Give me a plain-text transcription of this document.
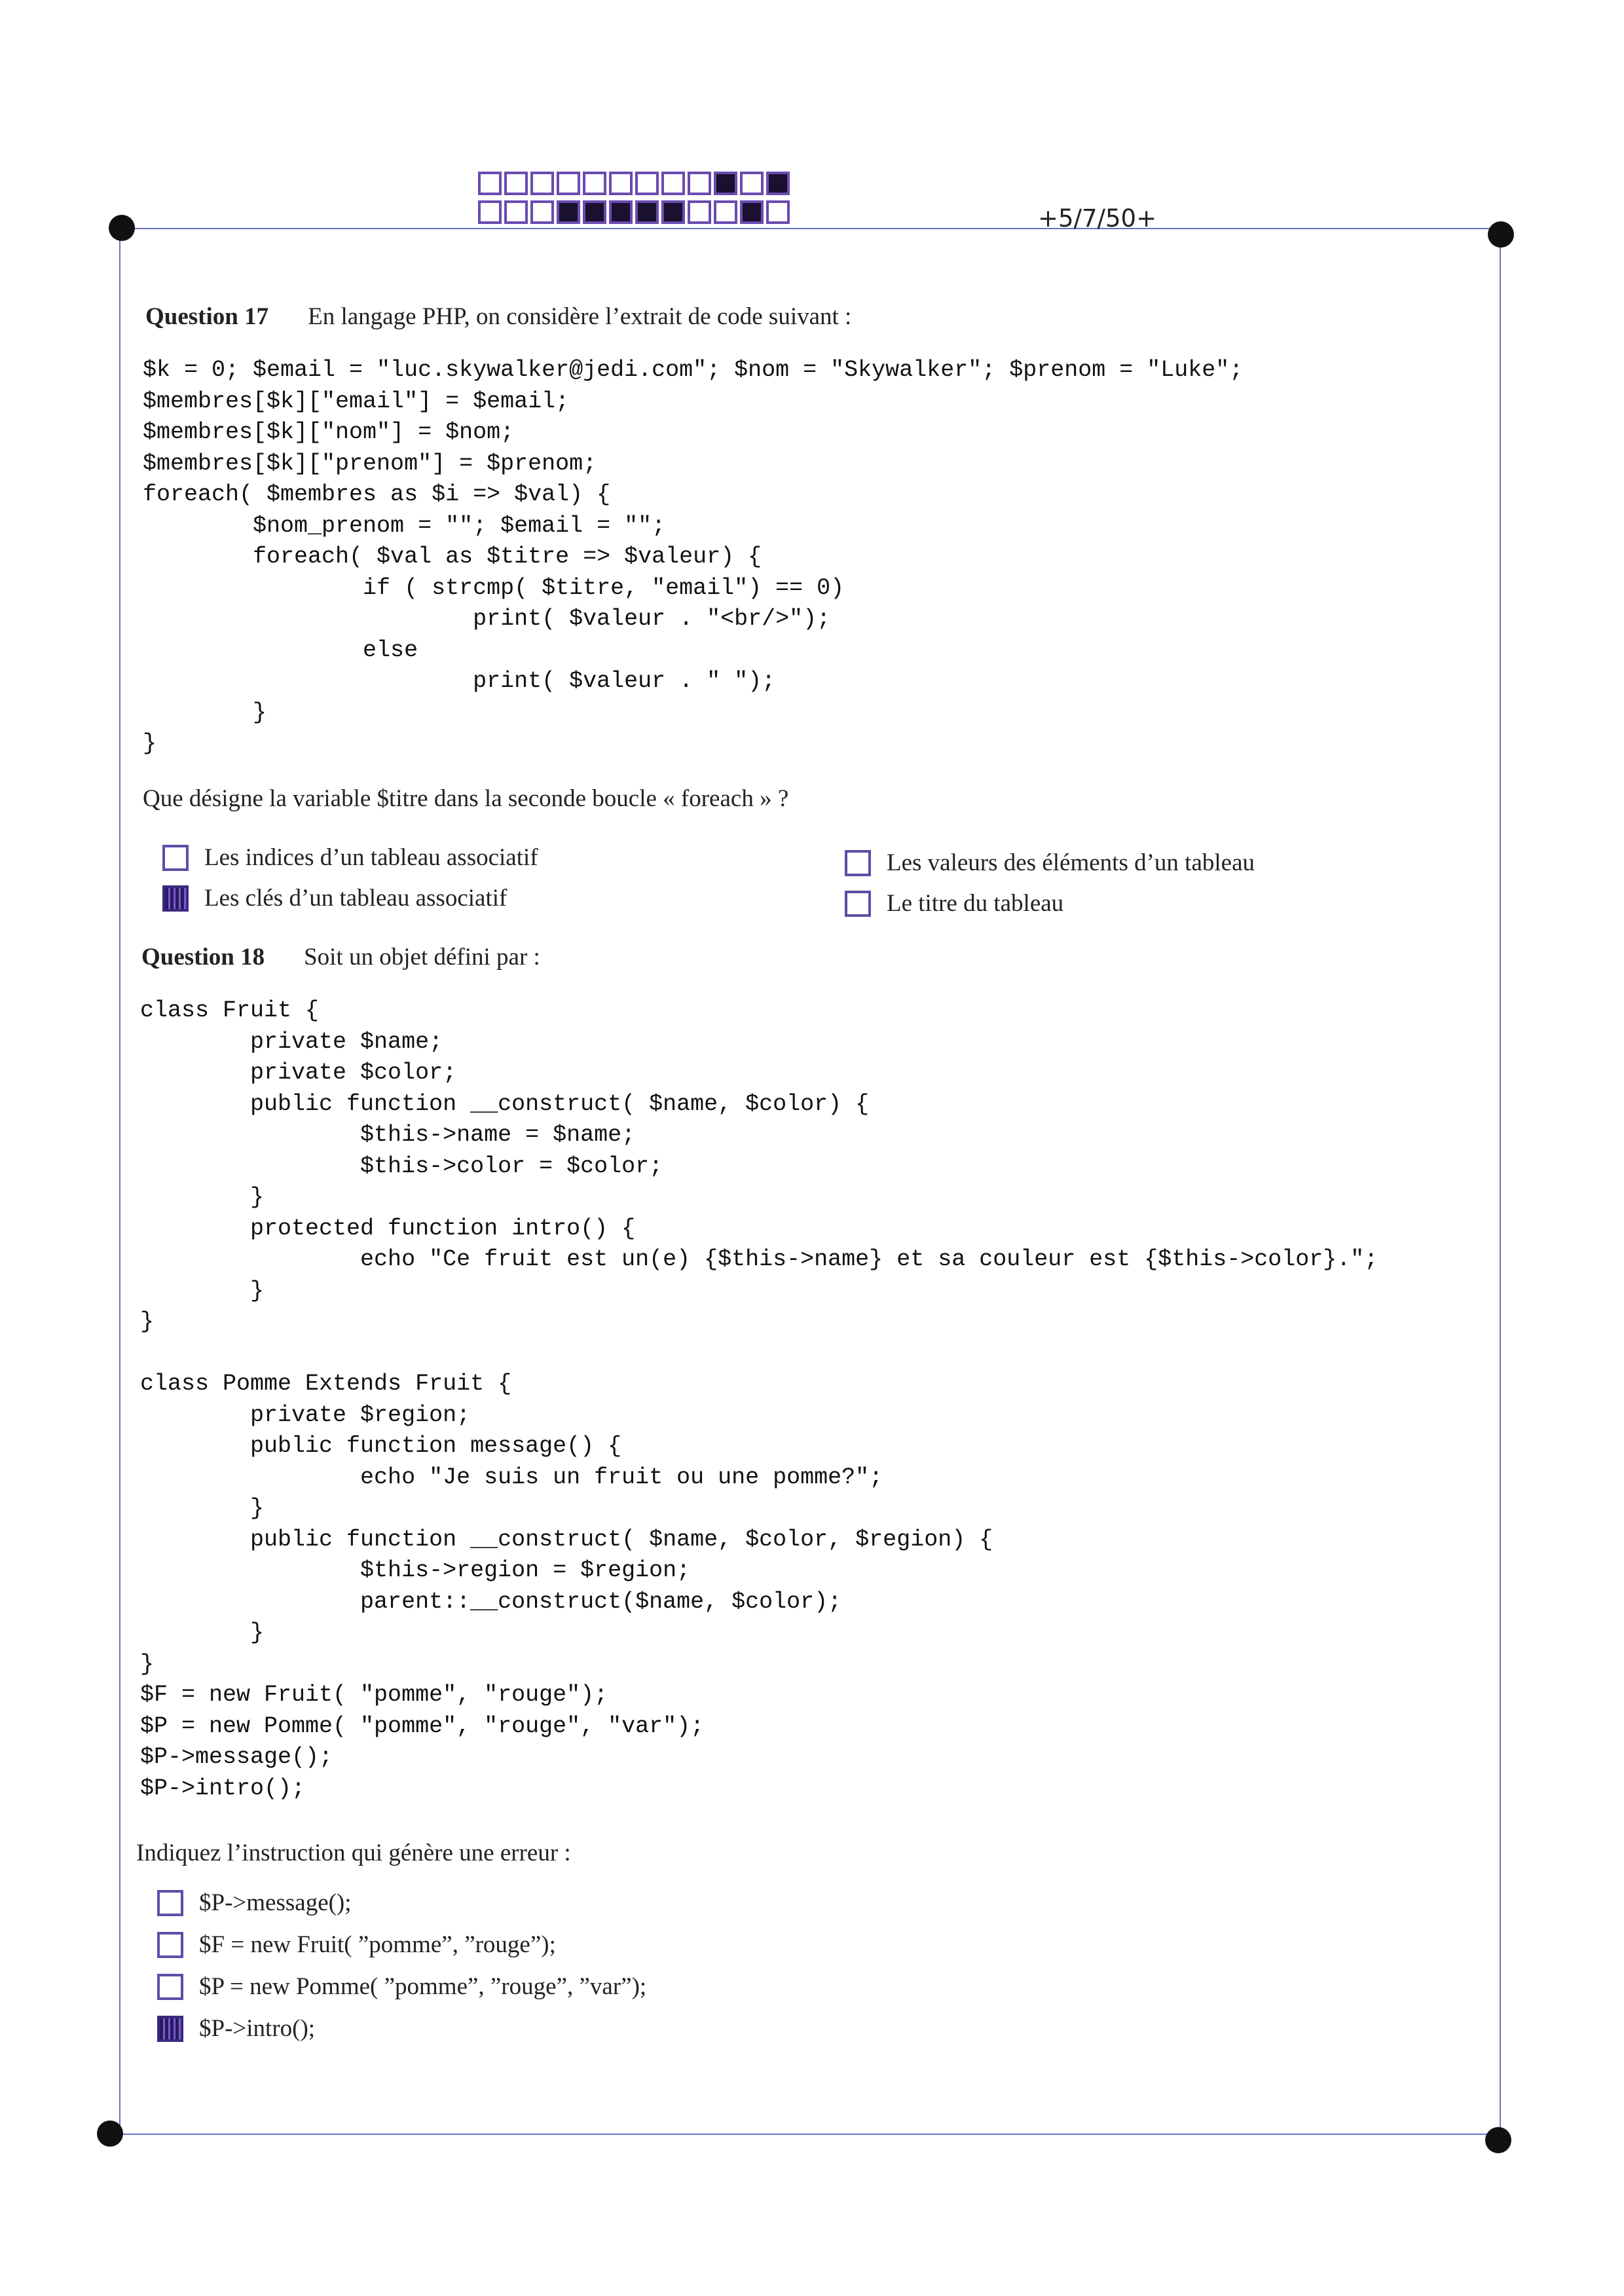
+5/7/50+
Question 17 En langage PHP, on considère l’extrait de code suivant :
$k = 0; $email = "luc.skywalker@jedi.com"; $nom = "Skywalker"; $prenom = "Luke";
$membres[$k]["email"] = $email;
$membres[$k]["nom"] = $nom;
$membres[$k]["prenom"] = $prenom;
foreach( $membres as $i => $val) {
$nom_prenom = ""; $email = "";
foreach( $val as $titre => $valeur) {
if ( strcmp( $titre, "email") == 0)
print( $valeur . "<br/>");
else
print( $valeur . " ");
}
}
Que désigne la variable $titre dans la seconde boucle « foreach » ?
Les indices d’un tableau associatif
Les clés d’un tableau associatif
Les valeurs des éléments d’un tableau
Le titre du tableau
Question 18 Soit un objet défini par :
class Fruit {
private $name;
private $color;
public function __construct( $name, $color) {
$this->name = $name;
$this->color = $color;
}
protected function intro() {
echo "Ce fruit est un(e) {$this->name} et sa couleur est {$this->color}.";
}
}

class Pomme Extends Fruit {
private $region;
public function message() {
echo "Je suis un fruit ou une pomme?";
}
public function __construct( $name, $color, $region) {
$this->region = $region;
parent::__construct($name, $color);
}
}
$F = new Fruit( "pomme", "rouge");
$P = new Pomme( "pomme", "rouge", "var");
$P->message();
$P->intro();
Indiquez l’instruction qui génère une erreur :
$P->message();
$F = new Fruit( ”pomme”, ”rouge”);
$P = new Pomme( ”pomme”, ”rouge”, ”var”);
$P->intro();
